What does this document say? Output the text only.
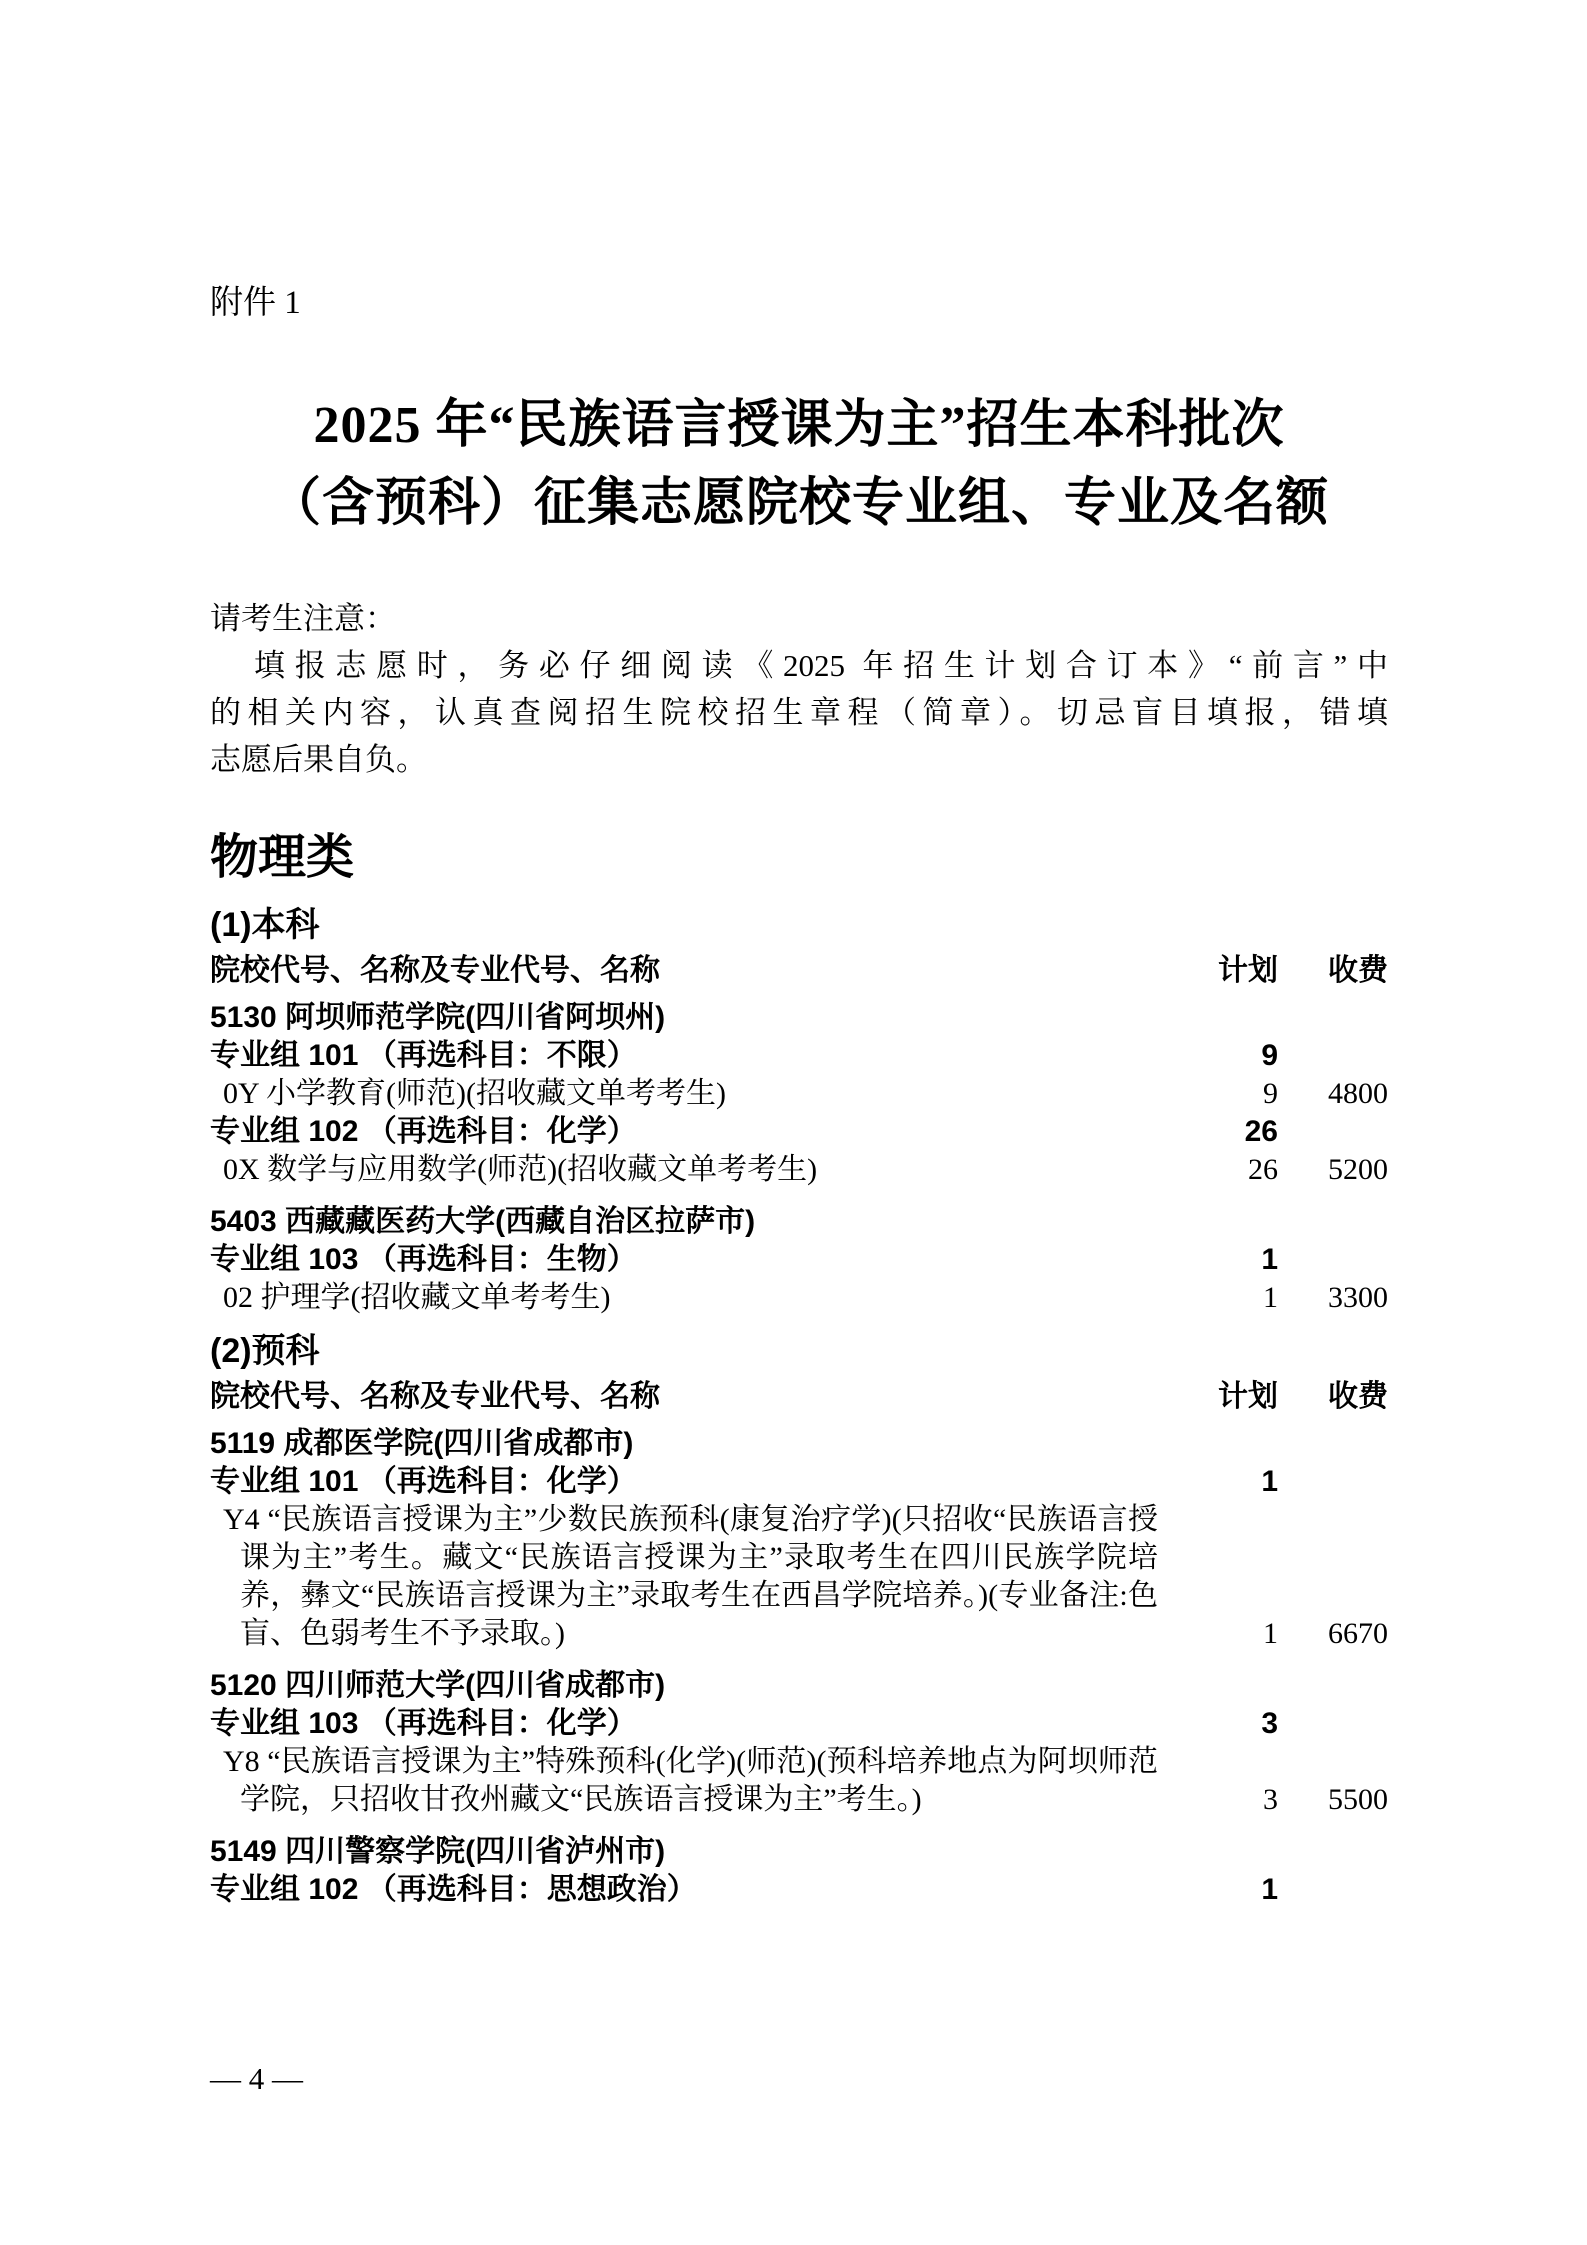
附件 1
2025 年“民族语言授课为主”招生本科批次
（含预科）征集志愿院校专业组、专业及名额
请考生注意：
填报志愿时，务必仔细阅读《2025 年招生计划合订本》“前言”中
的相关内容，认真查阅招生院校招生章程（简章）。切忌盲目填报，错填
志愿后果自负。
物理类
(1)本科
院校代号、名称及专业代号、名称	计划	收费
5130 阿坝师范学院(四川省阿坝州)
专业组 101 （再选科目：不限）	9
0Y 小学教育(师范)(招收藏文单考考生)	9	4800
专业组 102 （再选科目：化学）	26
0X 数学与应用数学(师范)(招收藏文单考考生)	26	5200
5403 西藏藏医药大学(西藏自治区拉萨市)
专业组 103 （再选科目：生物）	1
02 护理学(招收藏文单考考生)	1	3300
(2)预科
院校代号、名称及专业代号、名称	计划	收费
5119 成都医学院(四川省成都市)
专业组 101 （再选科目：化学）	1
Y4 “民族语言授课为主”少数民族预科(康复治疗学)(只招收“民族语言授课为主”考生。藏文“民族语言授课为主”录取考生在四川民族学院培养，彝文“民族语言授课为主”录取考生在西昌学院培养。)(专业备注:色盲、色弱考生不予录取。)	1	6670
5120 四川师范大学(四川省成都市)
专业组 103 （再选科目：化学）	3
Y8 “民族语言授课为主”特殊预科(化学)(师范)(预科培养地点为阿坝师范学院，只招收甘孜州藏文“民族语言授课为主”考生。)	3	5500
5149 四川警察学院(四川省泸州市)
专业组 102 （再选科目：思想政治）	1
— 4 —
